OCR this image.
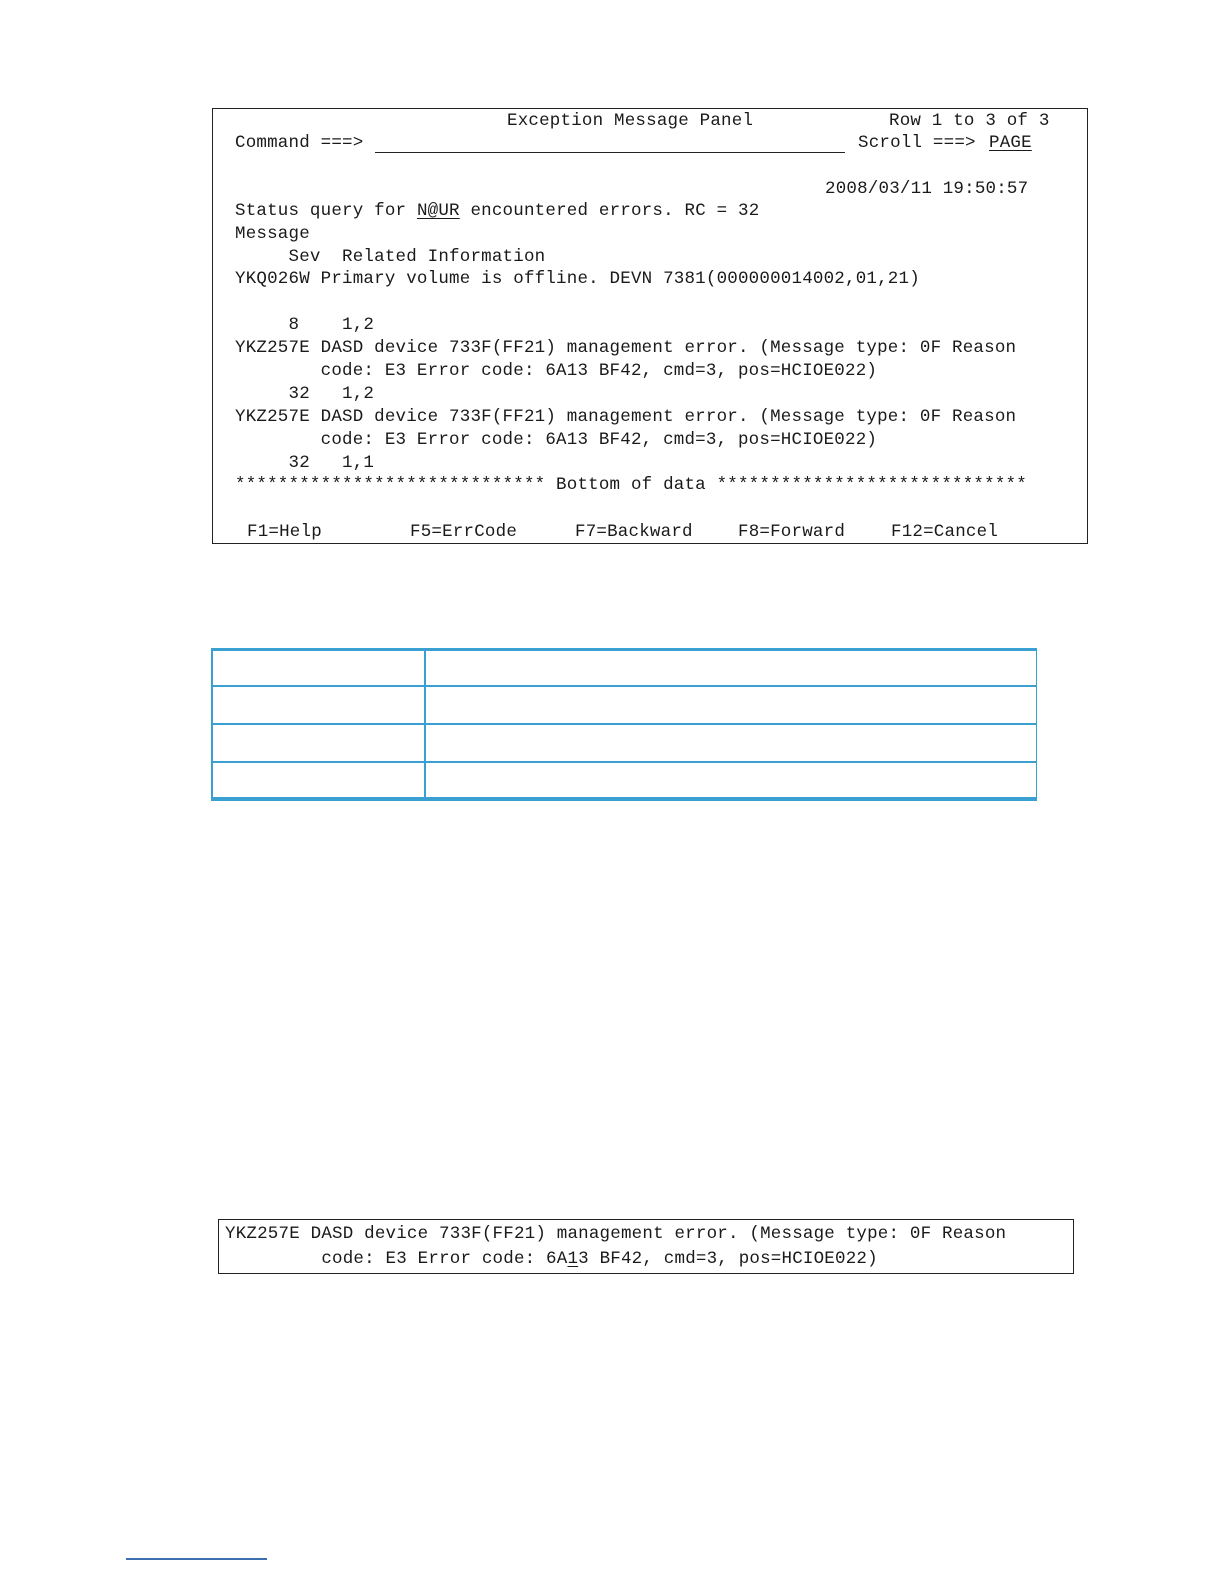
Exception Message Panel	Row 1 to 3 of 3
Command ===>	Scroll ===> PAGE
2008/03/11 19:50:57
Status query for N@UR encountered errors. RC = 32
Message
Sev  Related Information
YKQ026W Primary volume is offline. DEVN 7381(000000014002,01,21)
8    1,2
YKZ257E DASD device 733F(FF21) management error. (Message type: 0F Reason
code: E3 Error code: 6A13 BF42, cmd=3, pos=HCIOE022)
32   1,2
YKZ257E DASD device 733F(FF21) management error. (Message type: 0F Reason
code: E3 Error code: 6A13 BF42, cmd=3, pos=HCIOE022)
32   1,1
***************************** Bottom of data *****************************
F1=Help	F5=ErrCode	F7=Backward	F8=Forward	F12=Cancel
YKZ257E DASD device 733F(FF21) management error. (Message type: 0F Reason
code: E3 Error code: 6A13 BF42, cmd=3, pos=HCIOE022)
